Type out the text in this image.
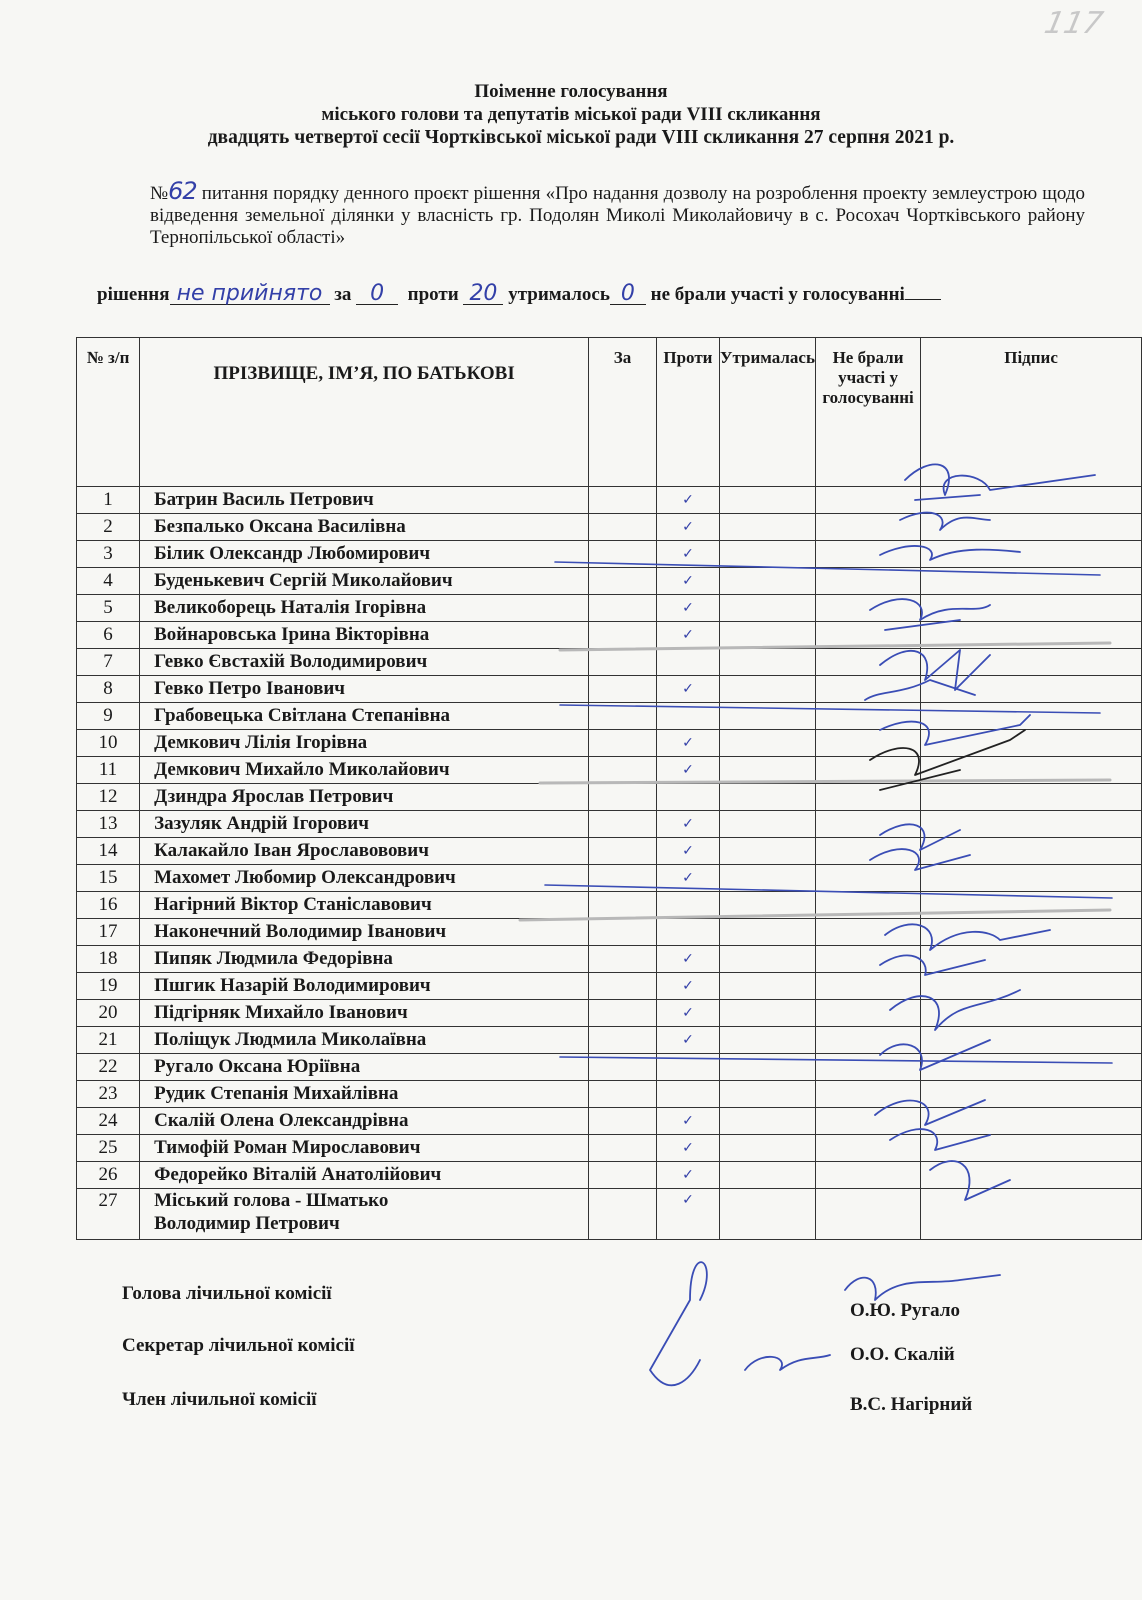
117
Поіменне голосування
міського голови та депутатів міської ради VIII скликання
двадцять четвертої сесії Чортківської міської ради VIII скликання 27 серпня 2021 р.
№62 питання порядку денного проєкт рішення «Про надання дозволу на розроблення проекту землеустрою щодо відведення земельної ділянки у власність гр. Подолян Миколі Миколайовичу в с. Росохач Чортківського району Тернопільської області»
рішення не прийнято за 0 проти 20 утрималось 0 не брали участі у голосуванні
№ з/п	ПРІЗВИЩЕ, ІМ’Я, ПО БАТЬКОВІ	За	Проти	Утрималась	Не брали участі у голосуванні	Підпис
1	Батрин Василь Петрович		✓			
2	Безпалько Оксана Василівна		✓			
3	Білик Олександр Любомирович		✓			
4	Буденькевич Сергій Миколайович		✓			
5	Великоборець Наталія Ігорівна		✓			
6	Войнаровська Ірина Вікторівна		✓			
7	Гевко Євстахій Володимирович					
8	Гевко Петро Іванович		✓			
9	Грабовецька Світлана Степанівна					
10	Демкович Лілія Ігорівна		✓			
11	Демкович Михайло Миколайович		✓			
12	Дзиндра Ярослав Петрович					
13	Зазуляк Андрій Ігорович		✓			
14	Калакайло Іван Ярославовович		✓			
15	Махомет Любомир Олександрович		✓			
16	Нагірний Віктор Станіславович					
17	Наконечний Володимир Іванович					
18	Пипяк Людмила Федорівна		✓			
19	Пшгик Назарій Володимирович		✓			
20	Підгірняк Михайло Іванович		✓			
21	Поліщук Людмила Миколаївна		✓			
22	Ругало Оксана Юріївна					
23	Рудик Степанія Михайлівна					
24	Скалій Олена Олександрівна		✓			
25	Тимофій Роман Мирославович		✓			
26	Федорейко Віталій Анатолійович		✓			
27	Міський голова - Шматько
Володимир Петрович		✓			
Голова лічильної комісії
Секретар лічильної комісії
Член лічильної комісії
О.Ю. Ругало
О.О. Скалій
В.С. Нагірний
